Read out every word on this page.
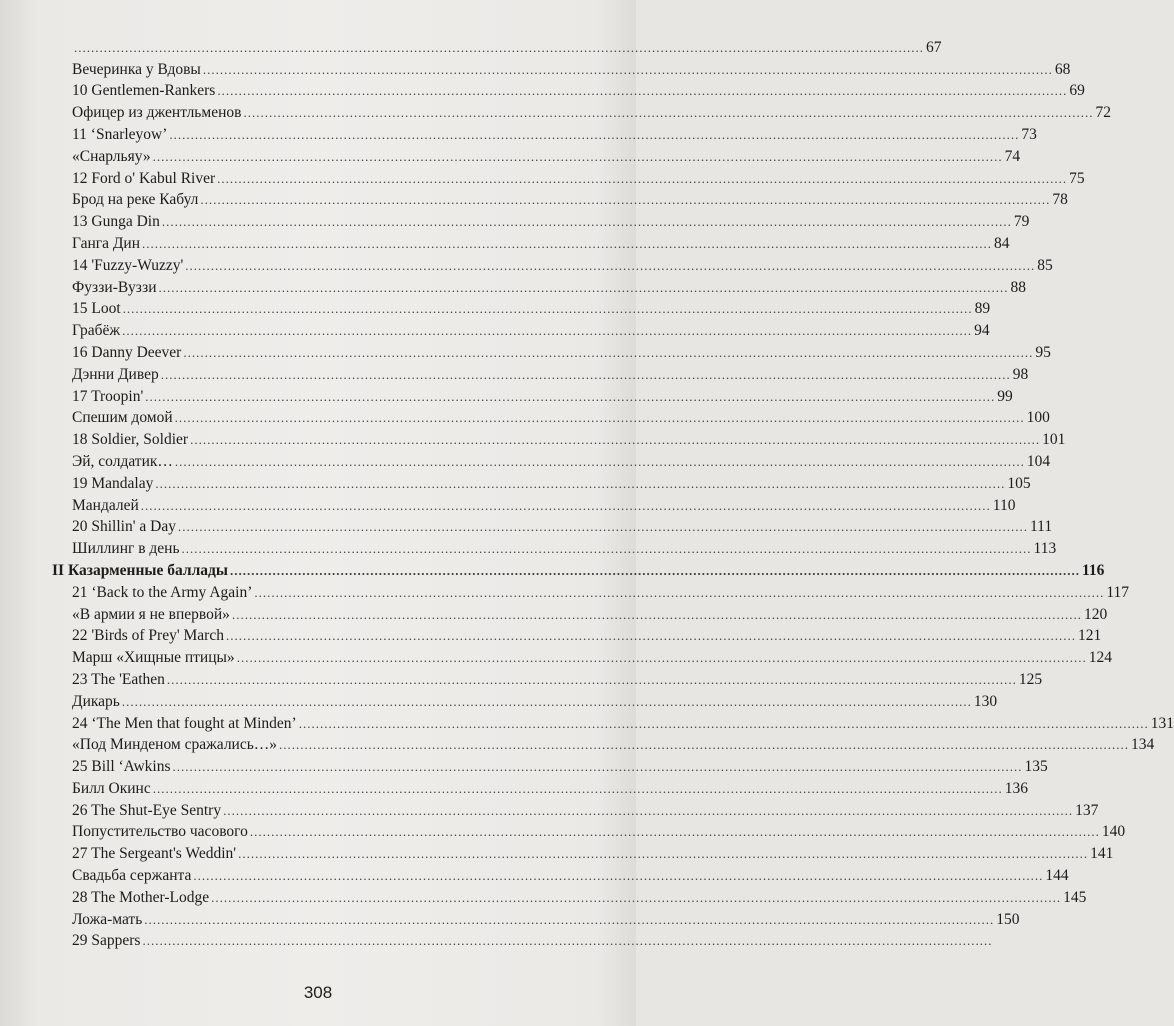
........................................................................................................................................................................................................ 67
Вечеринка у Вдовы ........................................................................................................................................................................................................ 68
10 Gentlemen-Rankers ........................................................................................................................................................................................................ 69
Офицер из джентльменов ........................................................................................................................................................................................................ 72
11 ‘Snarleyow’ ........................................................................................................................................................................................................ 73
«Снарльяу» ........................................................................................................................................................................................................ 74
12 Ford o' Kabul River ........................................................................................................................................................................................................ 75
Брод на реке Кабул ........................................................................................................................................................................................................ 78
13 Gunga Din ........................................................................................................................................................................................................ 79
Ганга Дин ........................................................................................................................................................................................................ 84
14 'Fuzzy-Wuzzy' ........................................................................................................................................................................................................ 85
Фуззи-Вуззи ........................................................................................................................................................................................................ 88
15 Loot ........................................................................................................................................................................................................ 89
Грабёж ........................................................................................................................................................................................................ 94
16 Danny Deever ........................................................................................................................................................................................................ 95
Дэнни Дивер ........................................................................................................................................................................................................ 98
17 Troopin' ........................................................................................................................................................................................................ 99
Спешим домой ........................................................................................................................................................................................................ 100
18 Soldier, Soldier ........................................................................................................................................................................................................ 101
Эй, солдатик… ........................................................................................................................................................................................................ 104
19 Mandalay ........................................................................................................................................................................................................ 105
Мандалей ........................................................................................................................................................................................................ 110
20 Shillin' a Day ........................................................................................................................................................................................................ 111
Шиллинг в день ........................................................................................................................................................................................................ 113
II Казарменные баллады ........................................................................................................................................................................................................ 116
21 ‘Back to the Army Again’ ........................................................................................................................................................................................................ 117
«В армии я не впервой» ........................................................................................................................................................................................................ 120
22 'Birds of Prey' March ........................................................................................................................................................................................................ 121
Марш «Хищные птицы» ........................................................................................................................................................................................................ 124
23 The 'Eathen ........................................................................................................................................................................................................ 125
Дикарь ........................................................................................................................................................................................................ 130
24 ‘The Men that fought at Minden’ ........................................................................................................................................................................................................ 131
«Под Минденом сражались…» ........................................................................................................................................................................................................ 134
25 Bill ‘Awkins ........................................................................................................................................................................................................ 135
Билл Окинс ........................................................................................................................................................................................................ 136
26 The Shut-Eye Sentry ........................................................................................................................................................................................................ 137
Попустительство часового ........................................................................................................................................................................................................ 140
27 The Sergeant's Weddin' ........................................................................................................................................................................................................ 141
Свадьба сержанта ........................................................................................................................................................................................................ 144
28 The Mother-Lodge ........................................................................................................................................................................................................ 145
Ложа-мать ........................................................................................................................................................................................................ 150
29 Sappers ........................................................................................................................................................................................................
308
